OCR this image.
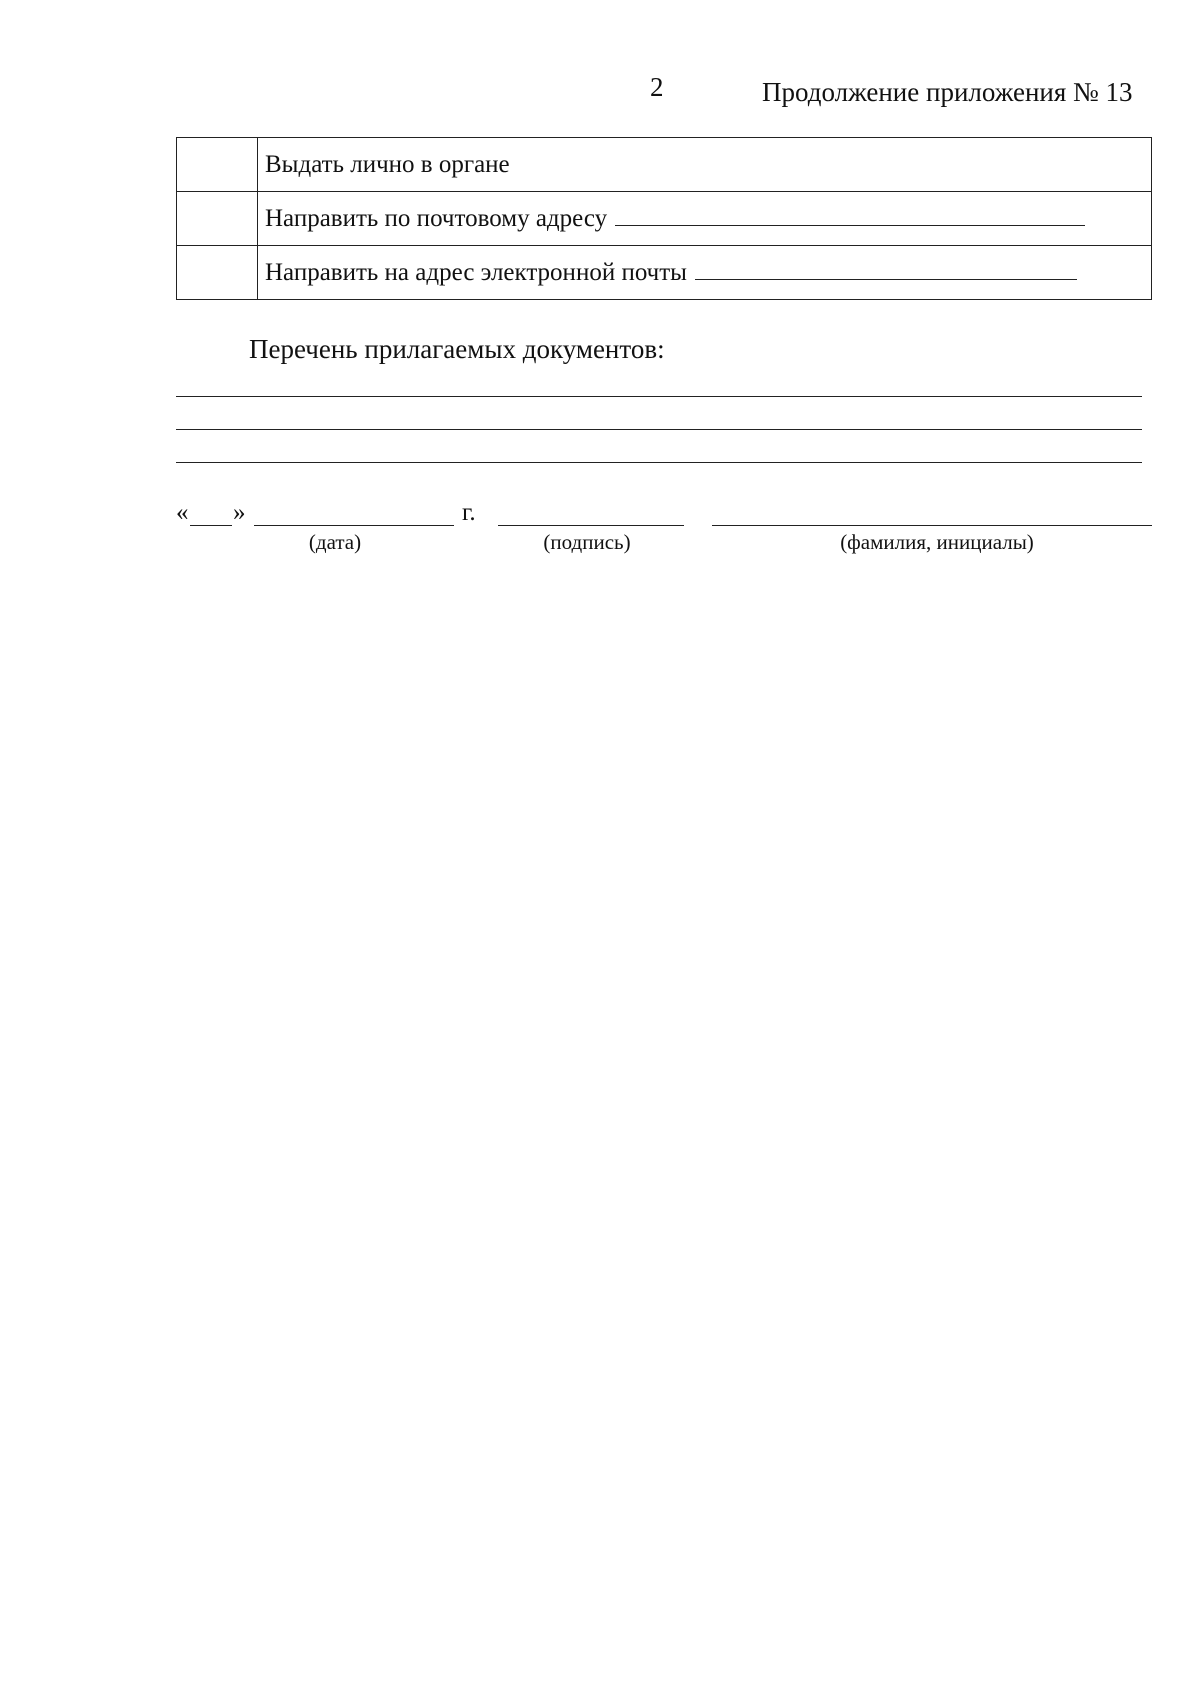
2	Продолжение приложения № 13
	Выдать лично в органе
	Направить по почтовому адресу
	Направить на адрес электронной почты
Перечень прилагаемых документов:
« »	г.
(дата)	(подпись)	(фамилия, инициалы)
